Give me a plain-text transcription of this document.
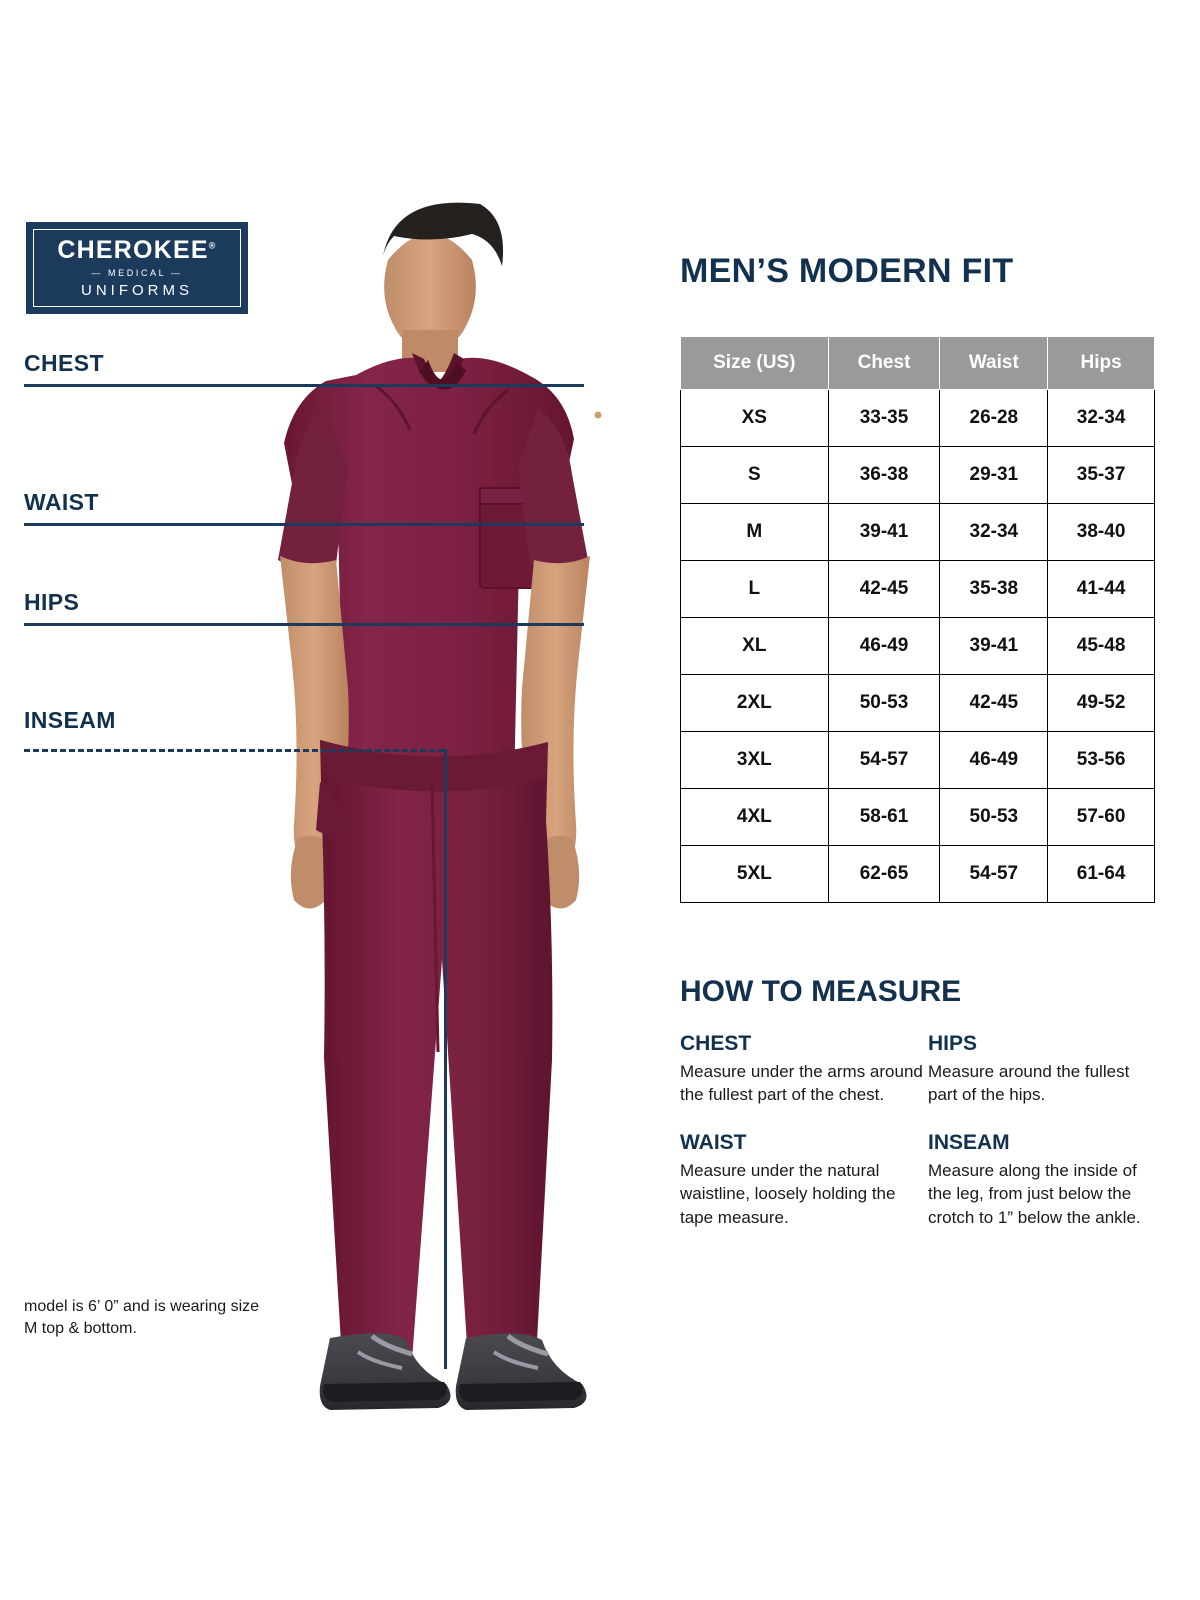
CHEROKEE®
— MEDICAL —
UNIFORMS
CHEST
WAIST
HIPS
INSEAM
model is 6’ 0” and is wearing size M top & bottom.
MEN’S MODERN FIT
Size (US)	Chest	Waist	Hips
XS	33-35	26-28	32-34
S	36-38	29-31	35-37
M	39-41	32-34	38-40
L	42-45	35-38	41-44
XL	46-49	39-41	45-48
2XL	50-53	42-45	49-52
3XL	54-57	46-49	53-56
4XL	58-61	50-53	57-60
5XL	62-65	54-57	61-64
HOW TO MEASURE
CHEST

Measure under the arms around the fullest part of the chest.

HIPS

Measure around the fullest part of the hips.

WAIST

Measure under the natural waistline, loosely holding the tape measure.

INSEAM

Measure along the inside of the leg, from just below the crotch to 1” below the ankle.
